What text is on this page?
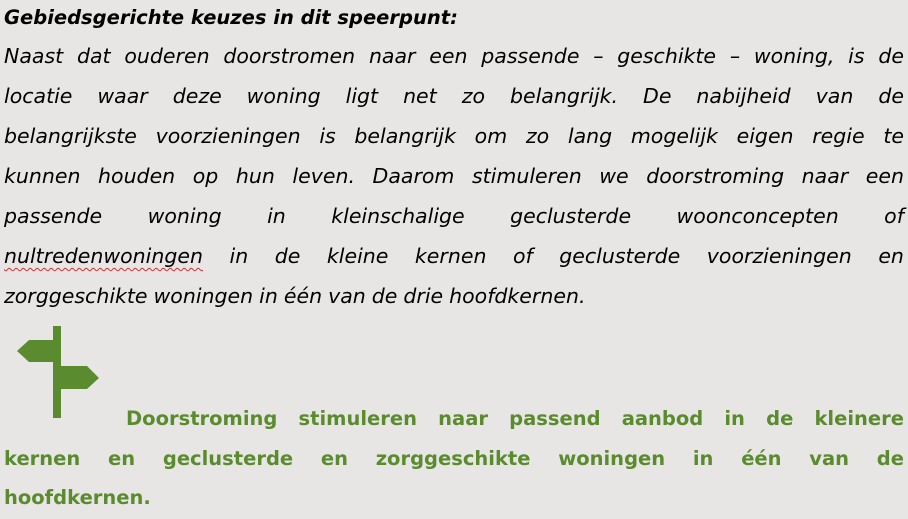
Gebiedsgerichte keuzes in dit speerpunt:
Naast dat ouderen doorstromen naar een passende – geschikte – woning, is de
locatie waar deze woning ligt net zo belangrijk. De nabijheid van de
belangrijkste voorzieningen is belangrijk om zo lang mogelijk eigen regie te
kunnen houden op hun leven. Daarom stimuleren we doorstroming naar een
passende woning in kleinschalige geclusterde woonconcepten of
nultredenwoningen in de kleine kernen of geclusterde voorzieningen en
zorggeschikte woningen in één van de drie hoofdkernen.
Doorstroming stimuleren naar passend aanbod in de kleinere
kernen en geclusterde en zorggeschikte woningen in één van de
hoofdkernen.
